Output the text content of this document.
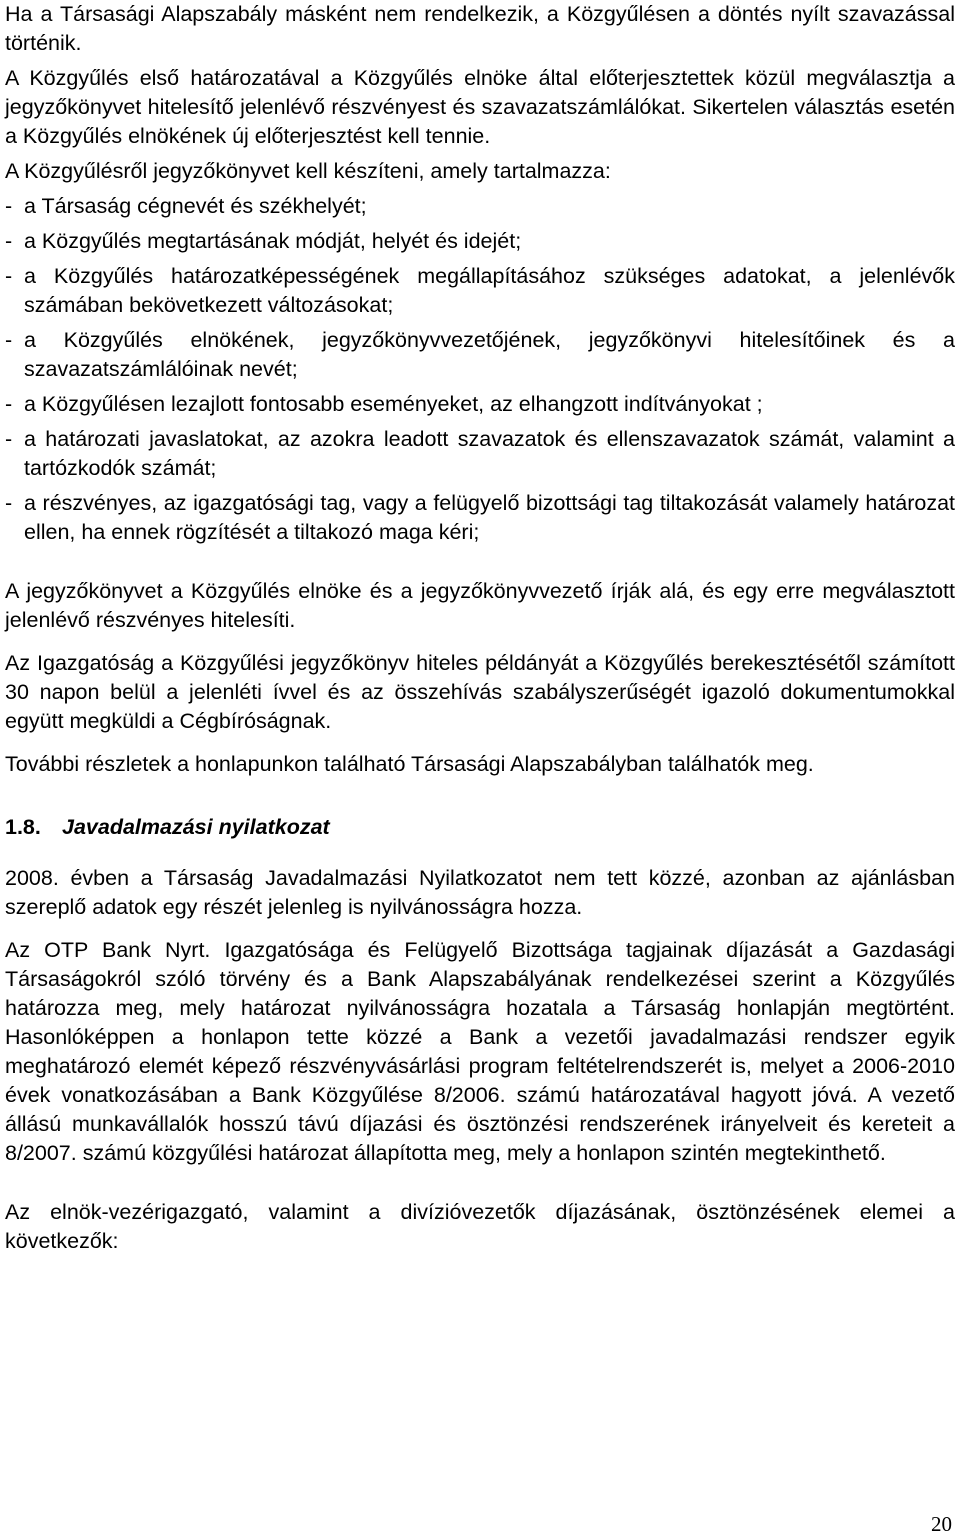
Ha a Társasági Alapszabály másként nem rendelkezik, a Közgyűlésen a döntés nyílt szavazással történik.

A Közgyűlés első határozatával a Közgyűlés elnöke által előterjesztettek közül megválasztja a jegyzőkönyvet hitelesítő jelenlévő részvényest és szavazatszámlálókat. Sikertelen választás esetén a Közgyűlés elnökének új előterjesztést kell tennie.

A Közgyűlésről jegyzőkönyvet kell készíteni, amely tartalmazza:

- a Társaság cégnevét és székhelyét;
- a Közgyűlés megtartásának módját, helyét és idejét;
- a Közgyűlés határozatképességének megállapításához szükséges adatokat, a jelenlévők számában bekövetkezett változásokat;
- a Közgyűlés elnökének, jegyzőkönyvvezetőjének, jegyzőkönyvi hitelesítőinek és a szavazatszámlálóinak nevét;
- a Közgyűlésen lezajlott fontosabb eseményeket, az elhangzott indítványokat ;
- a határozati javaslatokat, az azokra leadott szavazatok és ellenszavazatok számát, valamint a tartózkodók számát;
- a részvényes, az igazgatósági tag, vagy a felügyelő bizottsági tag tiltakozását valamely határozat ellen, ha ennek rögzítését a tiltakozó maga kéri;

A jegyzőkönyvet a Közgyűlés elnöke és a jegyzőkönyvvezető írják alá, és egy erre megválasztott jelenlévő részvényes hitelesíti.

Az Igazgatóság a Közgyűlési jegyzőkönyv hiteles példányát a Közgyűlés berekesztésétől számított 30 napon belül a jelenléti ívvel és az összehívás szabályszerűségét igazoló dokumentumokkal együtt megküldi a Cégbíróságnak.

További részletek a honlapunkon található Társasági Alapszabályban találhatók meg.

1.8. Javadalmazási nyilatkozat

2008. évben a Társaság Javadalmazási Nyilatkozatot nem tett közzé, azonban az ajánlásban szereplő adatok egy részét jelenleg is nyilvánosságra hozza.

Az OTP Bank Nyrt. Igazgatósága és Felügyelő Bizottsága tagjainak díjazását a Gazdasági Társaságokról szóló törvény és a Bank Alapszabályának rendelkezései szerint a Közgyűlés határozza meg, mely határozat nyilvánosságra hozatala a Társaság honlapján megtörtént. Hasonlóképpen a honlapon tette közzé a Bank a vezetői javadalmazási rendszer egyik meghatározó elemét képező részvényvásárlási program feltételrendszerét is, melyet a 2006-2010 évek vonatkozásában a Bank Közgyűlése 8/2006. számú határozatával hagyott jóvá. A vezető állású munkavállalók hosszú távú díjazási és ösztönzési rendszerének irányelveit és kereteit a 8/2007. számú közgyűlési határozat állapította meg, mely a honlapon szintén megtekinthető.

Az elnök-vezérigazgató, valamint a divízióvezetők díjazásának, ösztönzésének elemei a következők:

20
